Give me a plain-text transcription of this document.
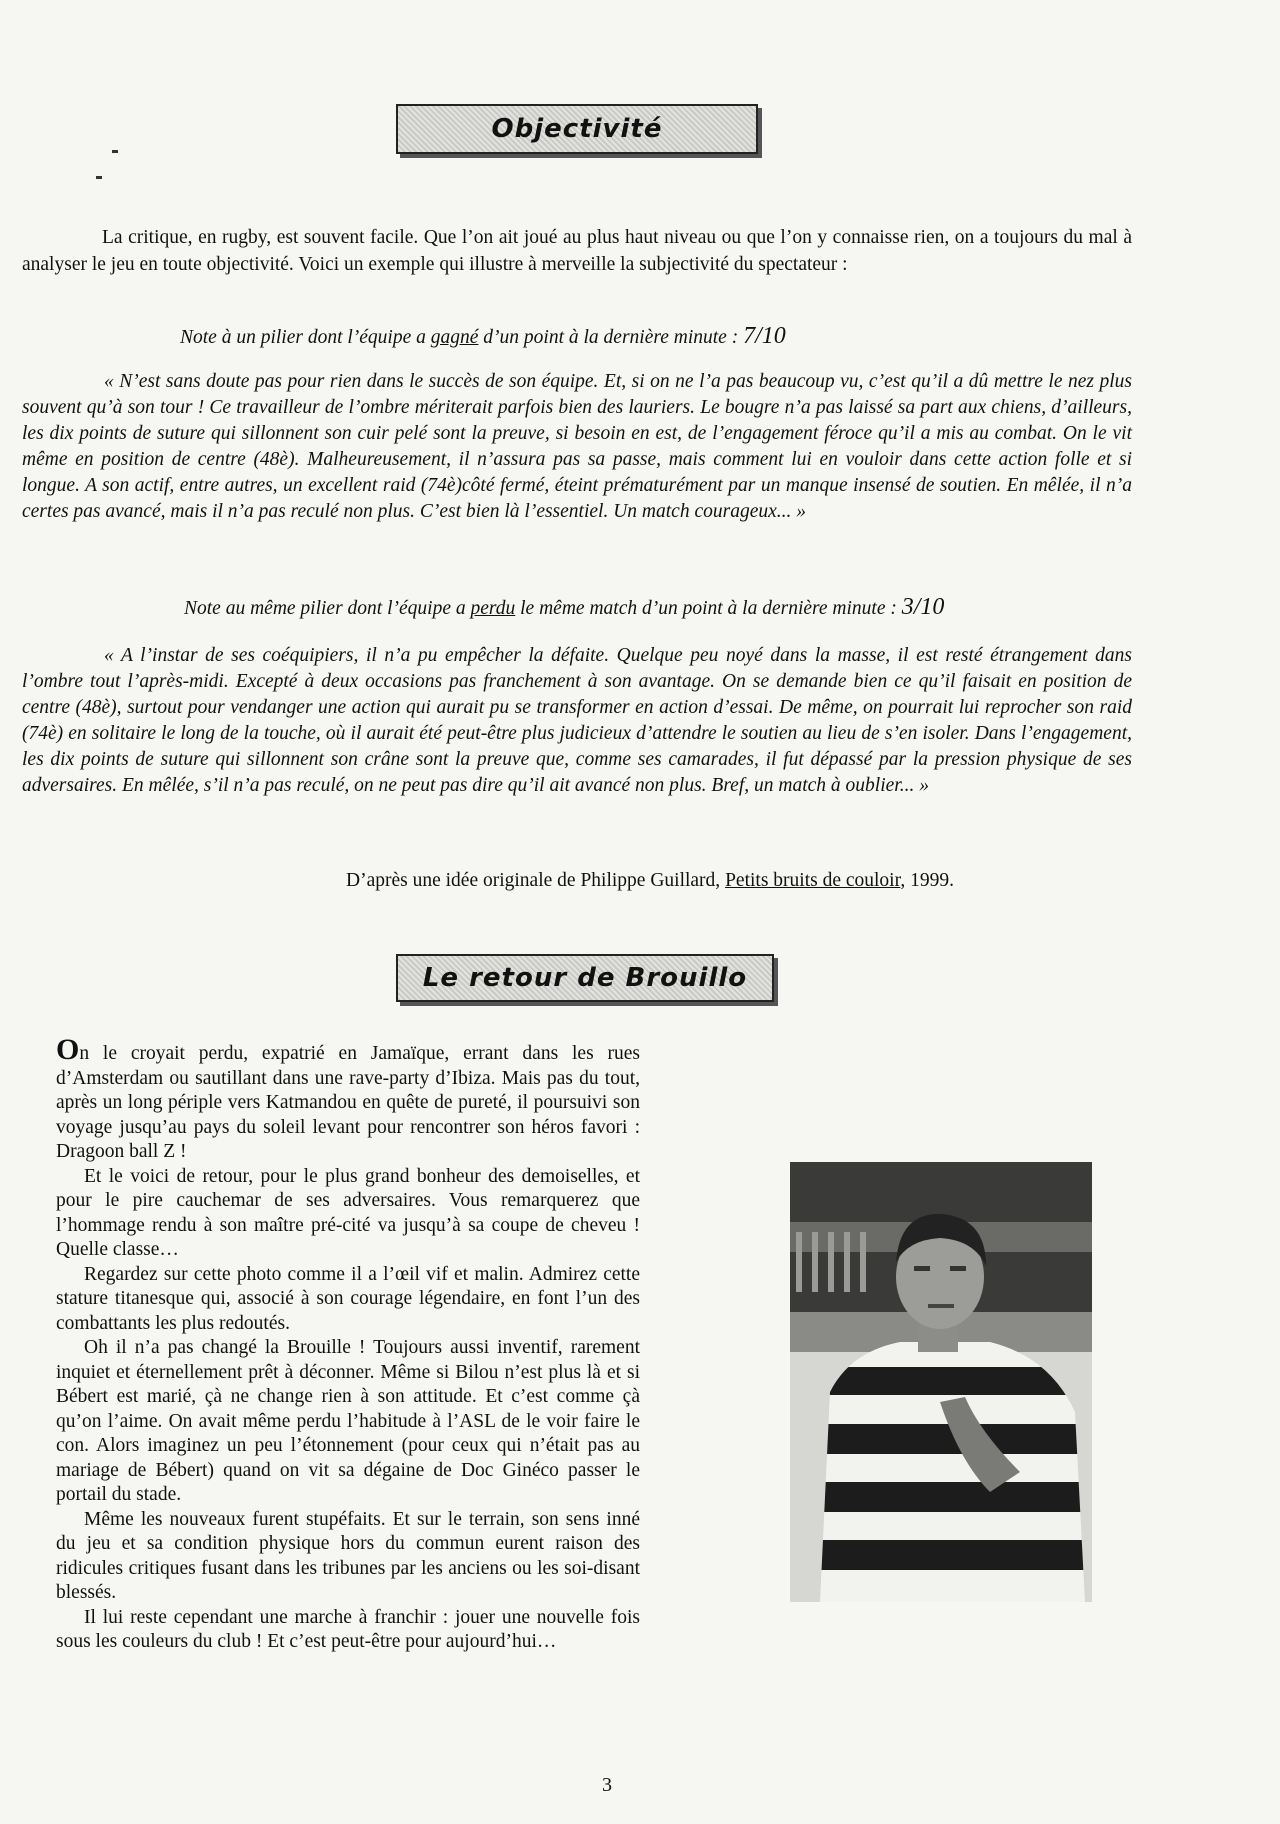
Objectivité

La critique, en rugby, est souvent facile. Que l’on ait joué au plus haut niveau ou que l’on y connaisse rien, on a toujours du mal à analyser le jeu en toute objectivité. Voici un exemple qui illustre à merveille la subjectivité du spectateur :

Note à un pilier dont l’équipe a gagné d’un point à la dernière minute : 7/10

« N’est sans doute pas pour rien dans le succès de son équipe. Et, si on ne l’a pas beaucoup vu, c’est qu’il a dû mettre le nez plus souvent qu’à son tour ! Ce travailleur de l’ombre mériterait parfois bien des lauriers. Le bougre n’a pas laissé sa part aux chiens, d’ailleurs, les dix points de suture qui sillonnent son cuir pelé sont la preuve, si besoin en est, de l’engagement féroce qu’il a mis au combat. On le vit même en position de centre (48è). Malheureusement, il n’assura pas sa passe, mais comment lui en vouloir dans cette action folle et si longue. A son actif, entre autres, un excellent raid (74è)côté fermé, éteint prématurément par un manque insensé de soutien. En mêlée, il n’a certes pas avancé, mais il n’a pas reculé non plus. C’est bien là l’essentiel. Un match courageux... »

Note au même pilier dont l’équipe a perdu le même match d’un point à la dernière minute : 3/10

« A l’instar de ses coéquipiers, il n’a pu empêcher la défaite. Quelque peu noyé dans la masse, il est resté étrangement dans l’ombre tout l’après-midi. Excepté à deux occasions pas franchement à son avantage. On se demande bien ce qu’il faisait en position de centre (48è), surtout pour vendanger une action qui aurait pu se transformer en action d’essai. De même, on pourrait lui reprocher son raid (74è) en solitaire le long de la touche, où il aurait été peut-être plus judicieux d’attendre le soutien au lieu de s’en isoler. Dans l’engagement, les dix points de suture qui sillonnent son crâne sont la preuve que, comme ses camarades, il fut dépassé par la pression physique de ses adversaires. En mêlée, s’il n’a pas reculé, on ne peut pas dire qu’il ait avancé non plus. Bref, un match à oublier... »

D’après une idée originale de Philippe Guillard, Petits bruits de couloir, 1999.

Le retour de Brouillo

On le croyait perdu, expatrié en Jamaïque, errant dans les rues d’Amsterdam ou sautillant dans une rave-party d’Ibiza. Mais pas du tout, après un long périple vers Katmandou en quête de pureté, il poursuivi son voyage jusqu’au pays du soleil levant pour rencontrer son héros favori : Dragoon ball Z !

Et le voici de retour, pour le plus grand bonheur des demoiselles, et pour le pire cauchemar de ses adversaires. Vous remarquerez que l’hommage rendu à son maître pré-cité va jusqu’à sa coupe de cheveu ! Quelle classe…

Regardez sur cette photo comme il a l’œil vif et malin. Admirez cette stature titanesque qui, associé à son courage légendaire, en font l’un des combattants les plus redoutés.

Oh il n’a pas changé la Brouille ! Toujours aussi inventif, rarement inquiet et éternellement prêt à déconner. Même si Bilou n’est plus là et si Bébert est marié, çà ne change rien à son attitude. Et c’est comme çà qu’on l’aime. On avait même perdu l’habitude à l’ASL de le voir faire le con. Alors imaginez un peu l’étonnement (pour ceux qui n’était pas au mariage de Bébert) quand on vit sa dégaine de Doc Ginéco passer le portail du stade.

Même les nouveaux furent stupéfaits. Et sur le terrain, son sens inné du jeu et sa condition physique hors du commun eurent raison des ridicules critiques fusant dans les tribunes par les anciens ou les soi-disant blessés.

Il lui reste cependant une marche à franchir : jouer une nouvelle fois sous les couleurs du club ! Et c’est peut-être pour aujourd’hui…

3
